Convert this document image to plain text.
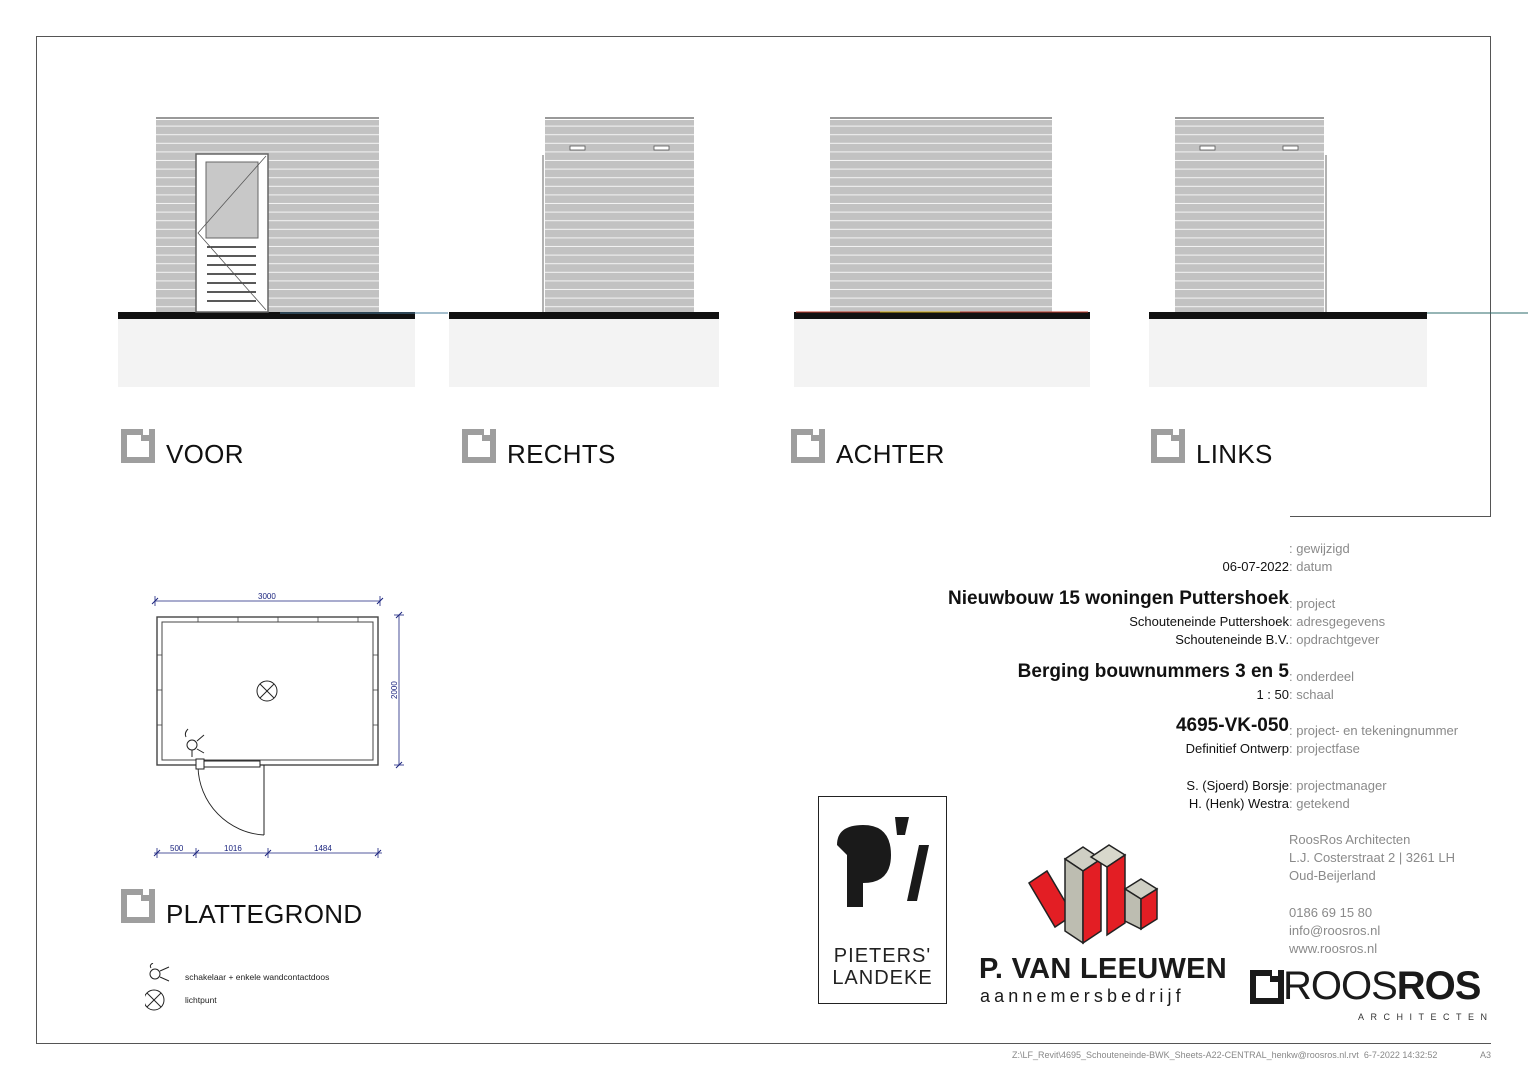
VOOR	RECHTS	ACHTER	LINKS
3000
2000
500	1016	1484
PLATTEGROND
schakelaar + enkele wandcontactdoos
lichtpunt
: gewijzigd
06-07-2022 : datum
Nieuwbouw 15 woningen Puttershoek : project
Schouteneinde Puttershoek : adresgegevens
Schouteneinde B.V. : opdrachtgever
Berging bouwnummers 3 en 5 : onderdeel
1 : 50 : schaal
4695-VK-050 : project- en tekeningnummer
Definitief Ontwerp : projectfase
S. (Sjoerd) Borsje : projectmanager
H. (Henk) Westra : getekend
RoosRos Architecten
L.J. Costerstraat 2 | 3261 LH
Oud-Beijerland
0186 69 15 80
info@roosros.nl
www.roosros.nl
PIETERS'
LANDEKE	P. VAN LEEUWEN
aannemersbedrijf ROOSROS
ARCHITECTEN
Z:\LF_Revit\4695_Schouteneinde-BWK_Sheets-A22-CENTRAL_henkw@roosros.nl.rvt 6-7-2022 14:32:52	A3
